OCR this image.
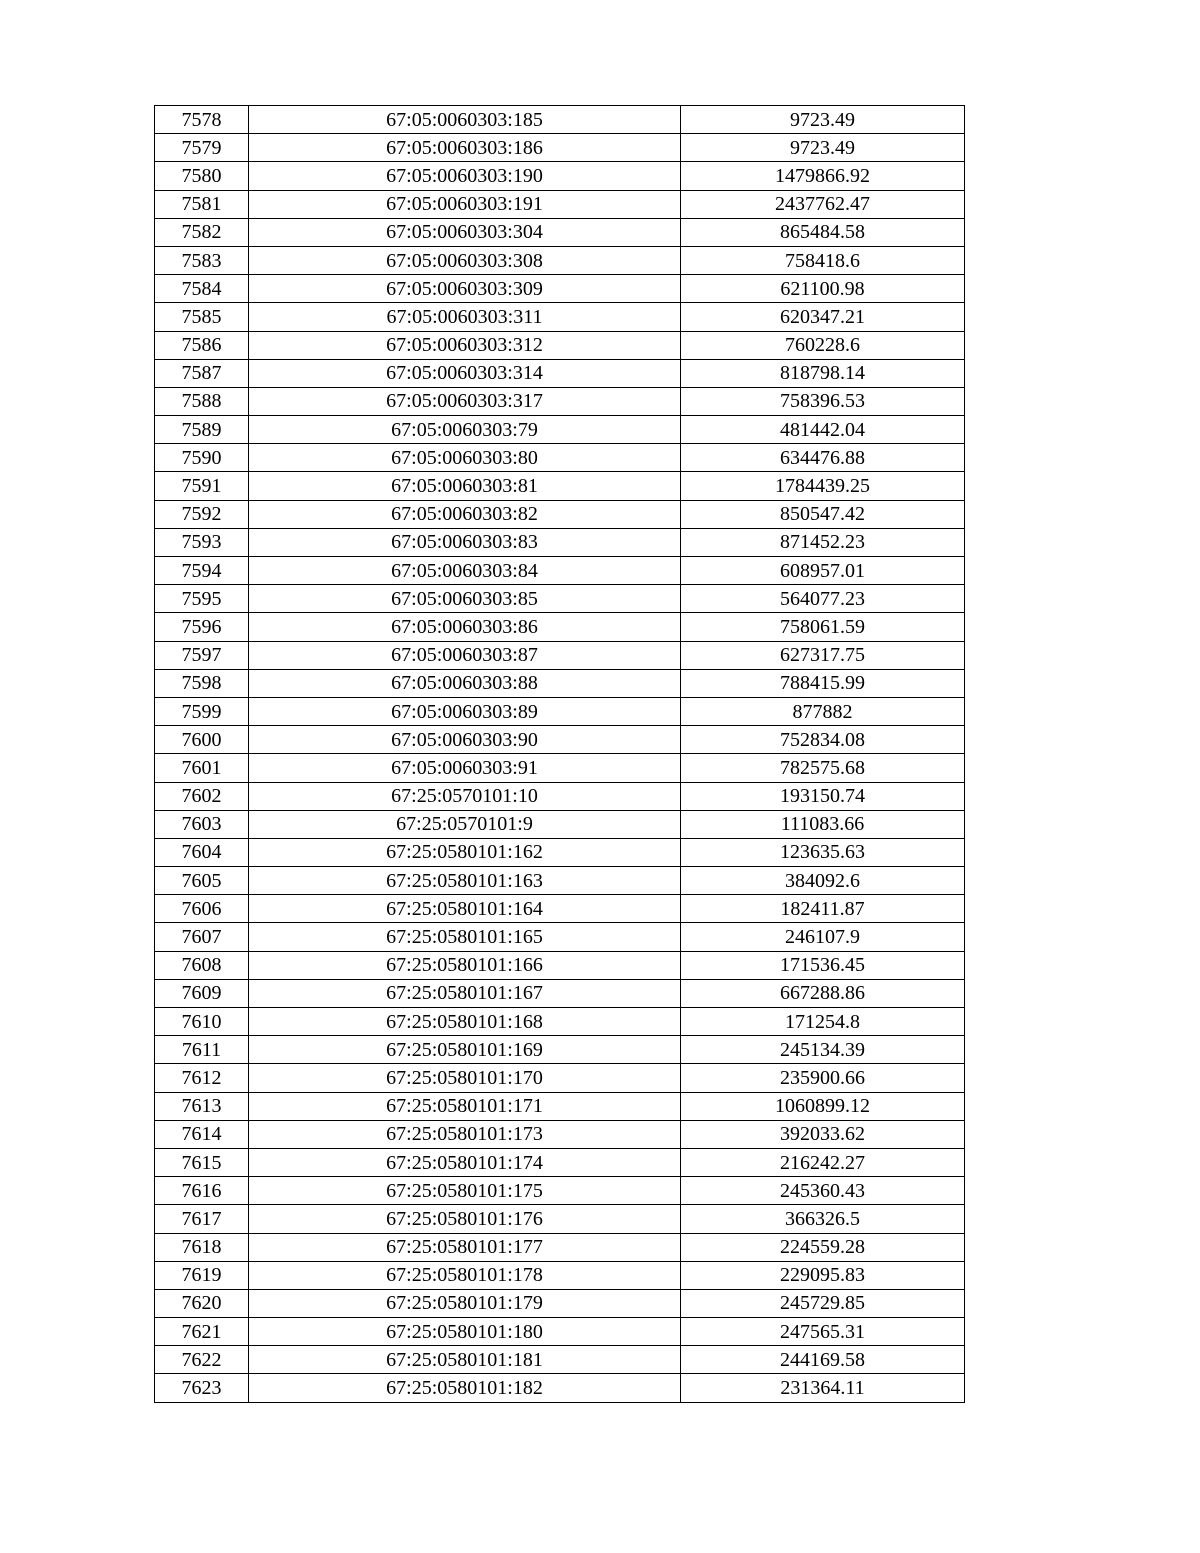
7578	67:05:0060303:185	9723.49
7579	67:05:0060303:186	9723.49
7580	67:05:0060303:190	1479866.92
7581	67:05:0060303:191	2437762.47
7582	67:05:0060303:304	865484.58
7583	67:05:0060303:308	758418.6
7584	67:05:0060303:309	621100.98
7585	67:05:0060303:311	620347.21
7586	67:05:0060303:312	760228.6
7587	67:05:0060303:314	818798.14
7588	67:05:0060303:317	758396.53
7589	67:05:0060303:79	481442.04
7590	67:05:0060303:80	634476.88
7591	67:05:0060303:81	1784439.25
7592	67:05:0060303:82	850547.42
7593	67:05:0060303:83	871452.23
7594	67:05:0060303:84	608957.01
7595	67:05:0060303:85	564077.23
7596	67:05:0060303:86	758061.59
7597	67:05:0060303:87	627317.75
7598	67:05:0060303:88	788415.99
7599	67:05:0060303:89	877882
7600	67:05:0060303:90	752834.08
7601	67:05:0060303:91	782575.68
7602	67:25:0570101:10	193150.74
7603	67:25:0570101:9	111083.66
7604	67:25:0580101:162	123635.63
7605	67:25:0580101:163	384092.6
7606	67:25:0580101:164	182411.87
7607	67:25:0580101:165	246107.9
7608	67:25:0580101:166	171536.45
7609	67:25:0580101:167	667288.86
7610	67:25:0580101:168	171254.8
7611	67:25:0580101:169	245134.39
7612	67:25:0580101:170	235900.66
7613	67:25:0580101:171	1060899.12
7614	67:25:0580101:173	392033.62
7615	67:25:0580101:174	216242.27
7616	67:25:0580101:175	245360.43
7617	67:25:0580101:176	366326.5
7618	67:25:0580101:177	224559.28
7619	67:25:0580101:178	229095.83
7620	67:25:0580101:179	245729.85
7621	67:25:0580101:180	247565.31
7622	67:25:0580101:181	244169.58
7623	67:25:0580101:182	231364.11
